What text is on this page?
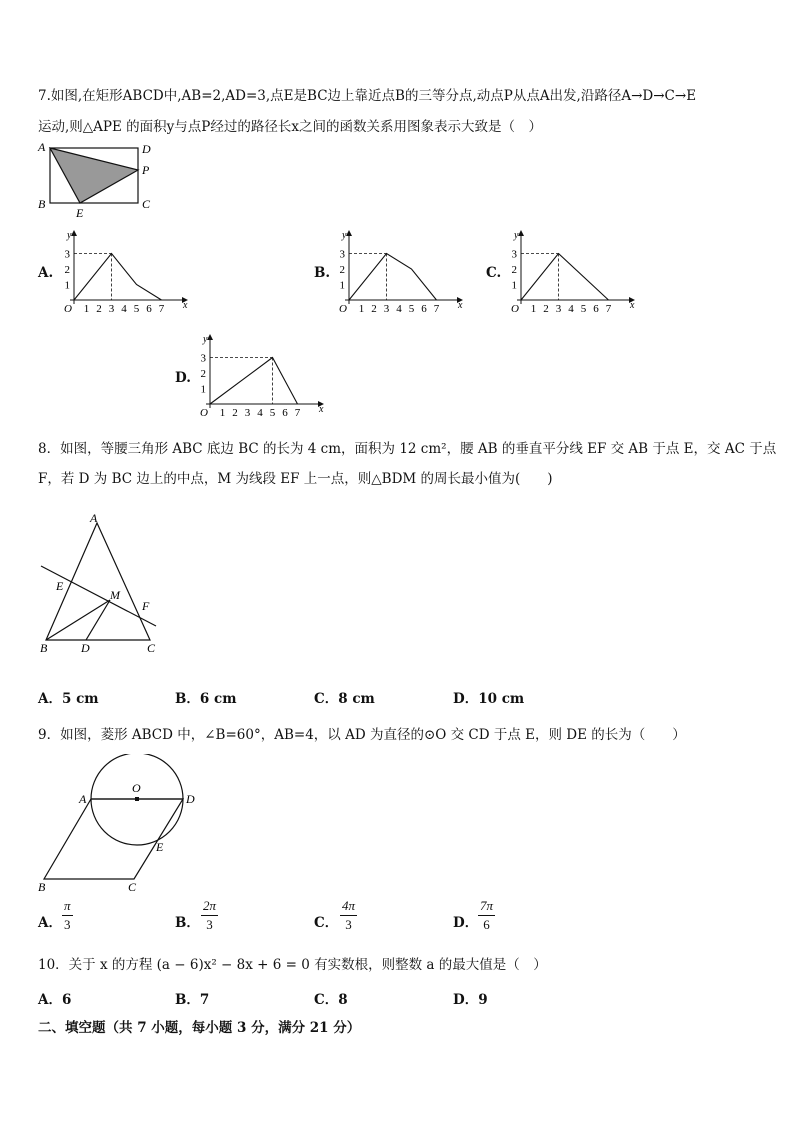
7.如图,在矩形ABCD中,AB=2,AD=3,点E是BC边上靠近点B的三等分点,动点P从点A出发,沿路径A→D→C→E
运动,则△APE 的面积y与点P经过的路径长x之间的函数关系用图象表示大致是（　）
A	D
P
B
E
C
A.	B.	C.
D.
x
y
O 1 2 3 4 5 6 7
1
2
3
x
y
O 1 2 3 4 5 6 7
1
2
3
x
y
O 1 2 3 4 5 6 7
1
2
3
x
y
O 1 2 3 4 5 6 7
1
2
3
8．如图，等腰三角形 ABC 底边 BC 的长为 4 cm，面积为 12 cm²，腰 AB 的垂直平分线 EF 交 AB 于点 E，交 AC 于点
F，若 D 为 BC 边上的中点，M 为线段 EF 上一点，则△BDM 的周长最小值为(　　)
A
E
M
F
B	D	C
A．5 cm	B．6 cm	C．8 cm	D．10 cm
9．如图，菱形 ABCD 中，∠B=60°，AB=4，以 AD 为直径的⊙O 交 CD 于点 E，则 DE 的长为（　　）
O
A	D
E
B	C
A．
π
3	B．
2π
3	C．
4π
3	D．
7π
6
10．关于 x 的方程 (a − 6)x² − 8x + 6 = 0 有实数根，则整数 a 的最大值是（　）
A．6	B．7	C．8	D．9
二、填空题（共 7 小题，每小题 3 分，满分 21 分）
